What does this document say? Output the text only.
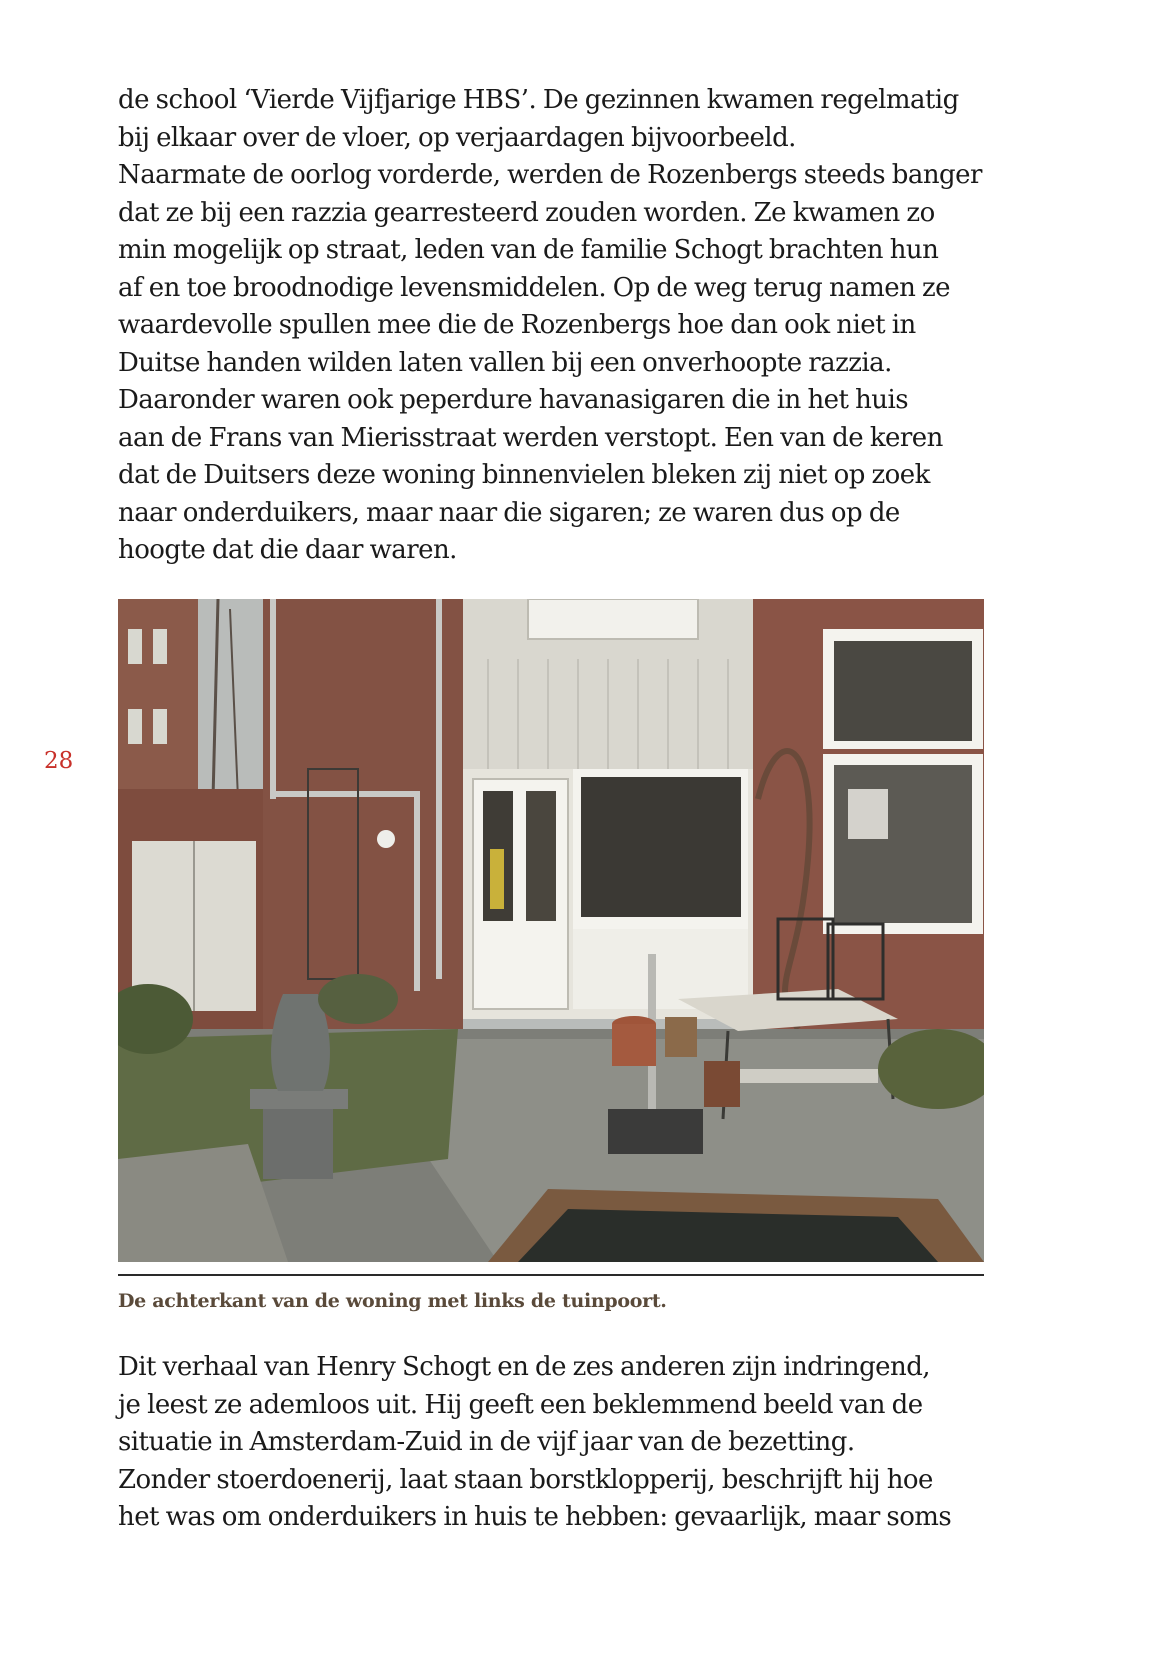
de school ‘Vierde Vijfjarige HBS’. De gezinnen kwamen regelmatig
bij elkaar over de vloer, op verjaardagen bijvoorbeeld.
Naarmate de oorlog vorderde, werden de Rozenbergs steeds banger
dat ze bij een razzia gearresteerd zouden worden. Ze kwamen zo
min mogelijk op straat, leden van de familie Schogt brachten hun
af en toe broodnodige levensmiddelen. Op de weg terug namen ze
waardevolle spullen mee die de Rozenbergs hoe dan ook niet in
Duitse handen wilden laten vallen bij een onverhoopte razzia.
Daaronder waren ook peperdure havanasigaren die in het huis
aan de Frans van Mierisstraat werden verstopt. Een van de keren
dat de Duitsers deze woning binnenvielen bleken zij niet op zoek
naar onderduikers, maar naar die sigaren; ze waren dus op de
hoogte dat die daar waren.
28
De achterkant van de woning met links de tuinpoort.
Dit verhaal van Henry Schogt en de zes anderen zijn indringend,
je leest ze ademloos uit. Hij geeft een beklemmend beeld van de
situatie in Amsterdam-Zuid in de vijf jaar van de bezetting.
Zonder stoerdoenerij, laat staan borstklopperij, beschrijft hij hoe
het was om onderduikers in huis te hebben: gevaarlijk, maar soms
